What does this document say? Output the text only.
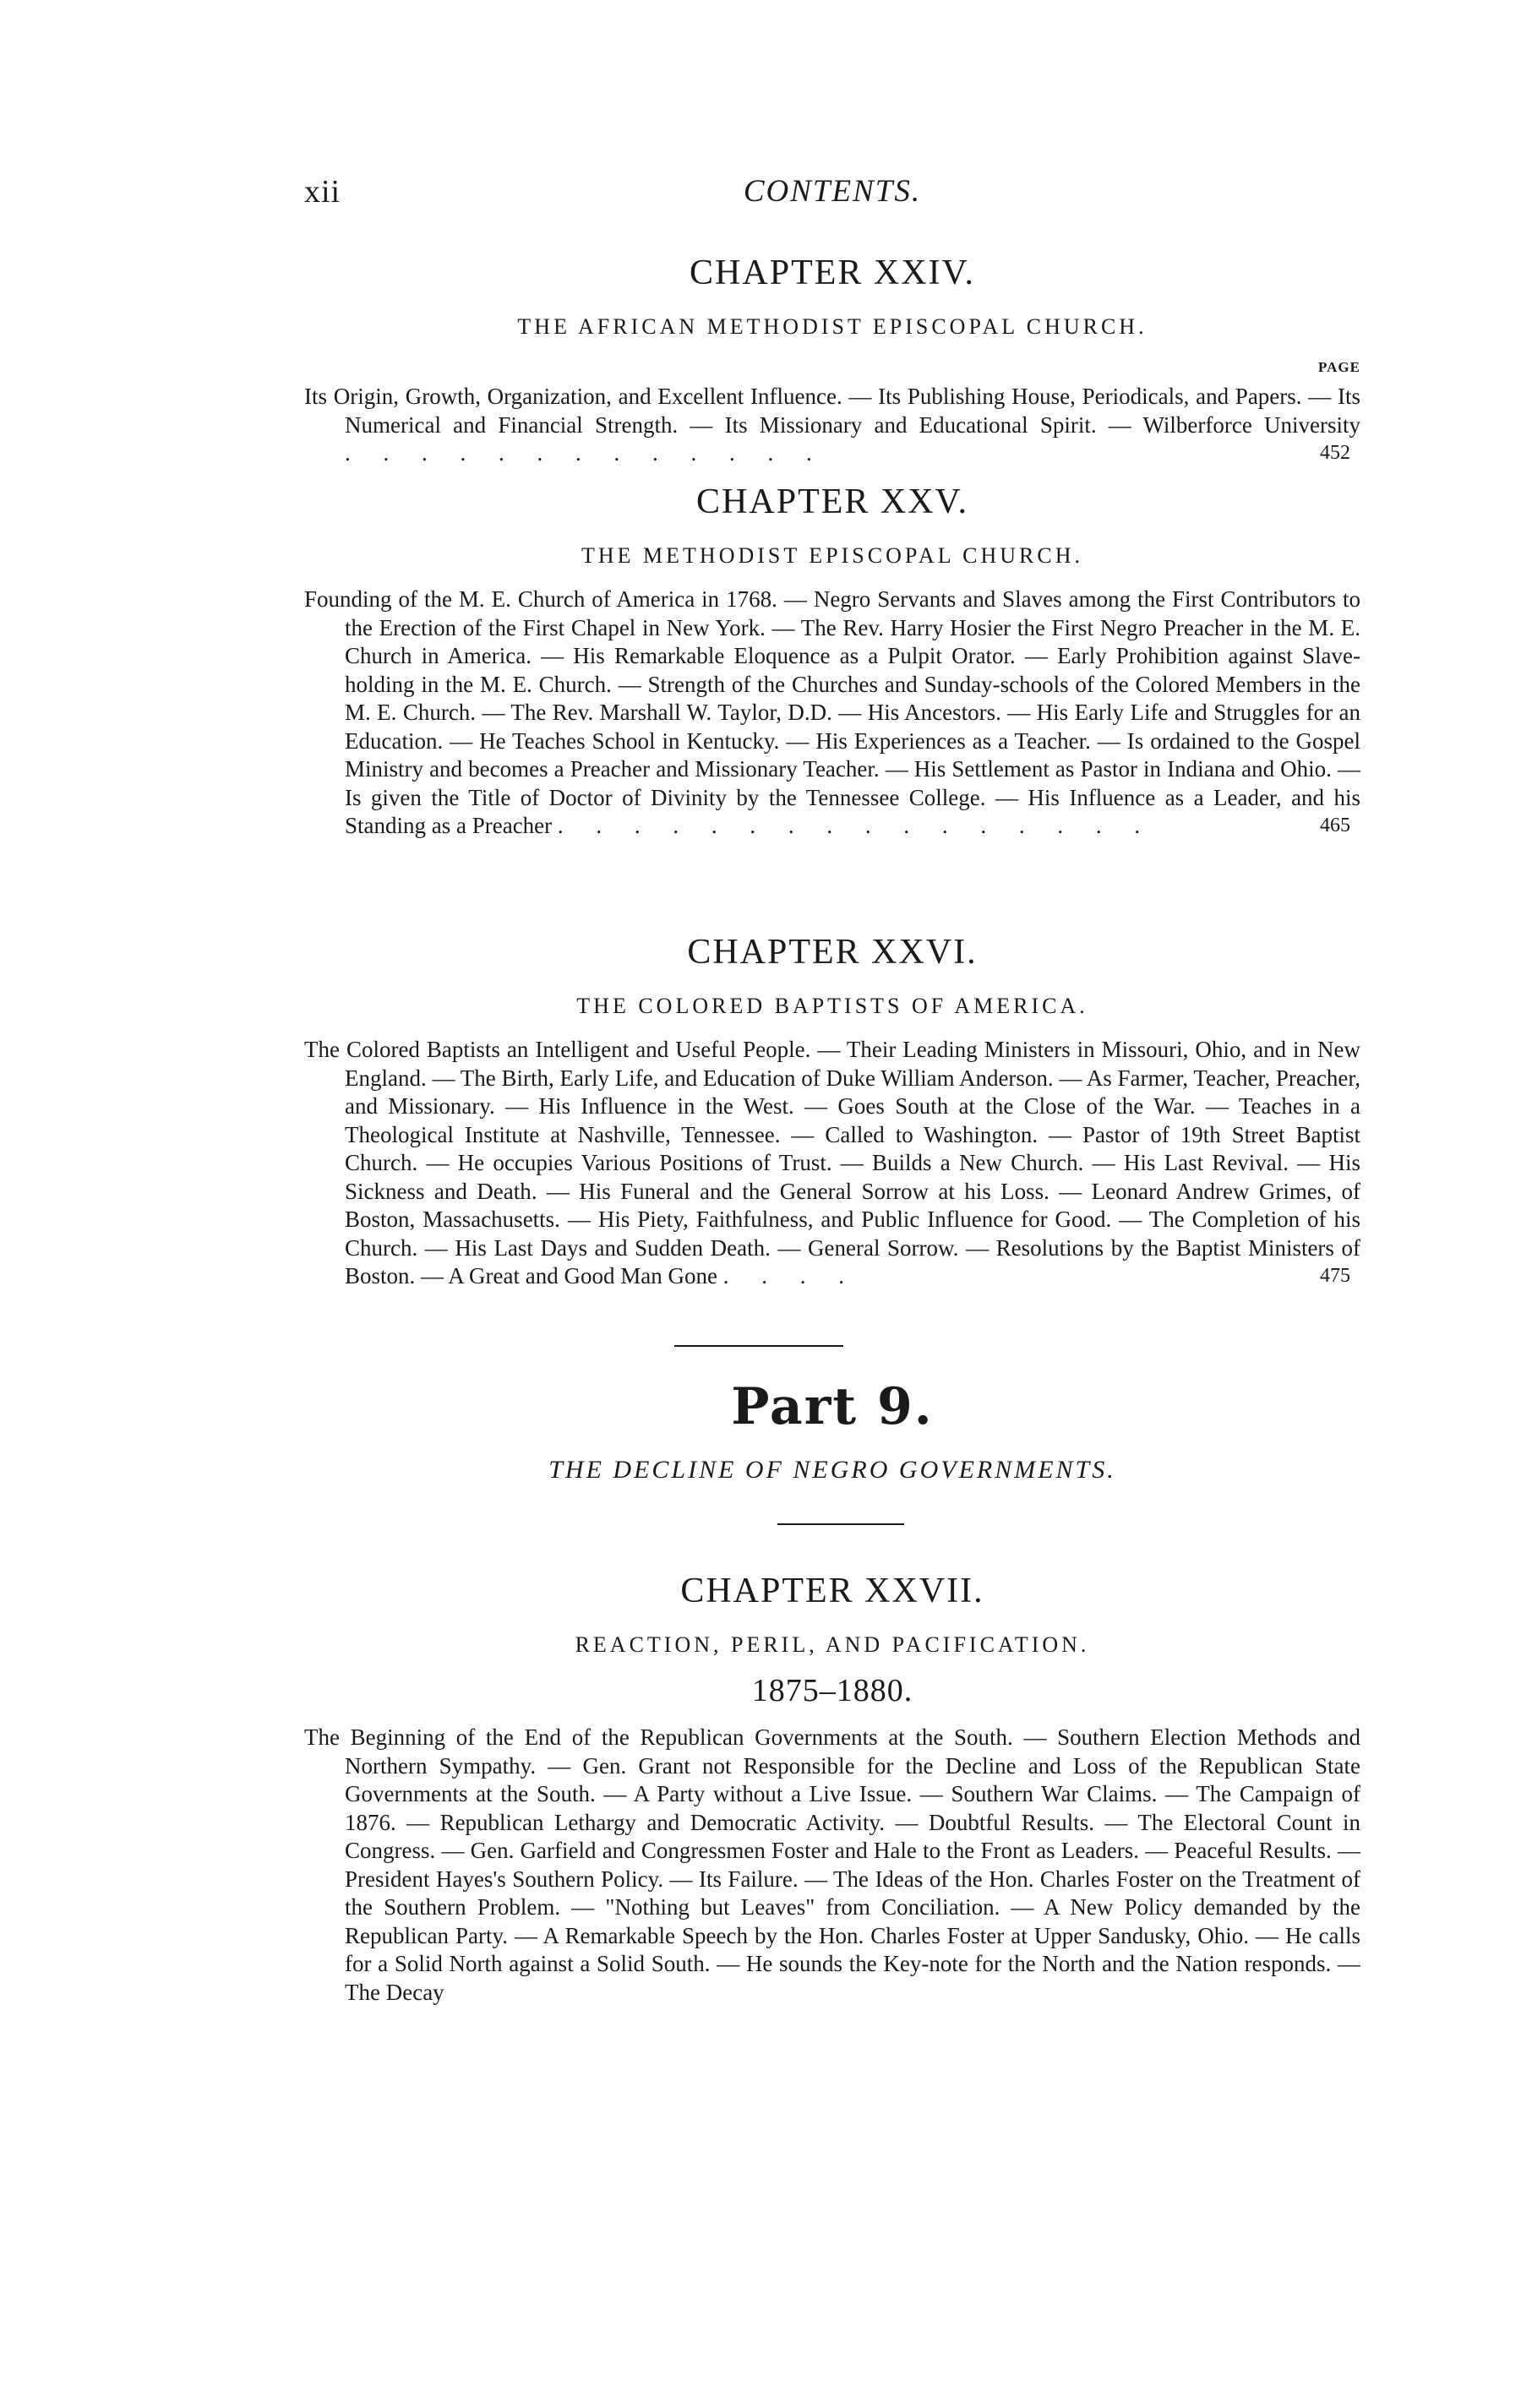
xii	CONTENTS.
CHAPTER XXIV.
THE AFRICAN METHODIST EPISCOPAL CHURCH.
PAGE
Its Origin, Growth, Organization, and Excellent Influence. — Its Publishing House, Periodicals, and Papers. — Its Numerical and Financial Strength. — Its Missionary and Educational Spirit. — Wilberforce University . . . . . . . . . . . . .	452
CHAPTER XXV.
THE METHODIST EPISCOPAL CHURCH.
Founding of the M. E. Church of America in 1768. — Negro Servants and Slaves among the First Contributors to the Erection of the First Chapel in New York. — The Rev. Harry Hosier the First Negro Preacher in the M. E. Church in America. — His Remarkable Eloquence as a Pulpit Orator. — Early Prohibition against Slave-holding in the M. E. Church. — Strength of the Churches and Sunday-schools of the Colored Members in the M. E. Church. — The Rev. Marshall W. Taylor, D.D. — His Ancestors. — His Early Life and Struggles for an Education. — He Teaches School in Kentucky. — His Experiences as a Teacher. — Is ordained to the Gospel Ministry and becomes a Preacher and Missionary Teacher. — His Settlement as Pastor in Indiana and Ohio. — Is given the Title of Doctor of Divinity by the Tennessee College. — His Influence as a Leader, and his Standing as a Preacher . . . . . . . . . . . . . . . .	465
CHAPTER XXVI.
THE COLORED BAPTISTS OF AMERICA.
The Colored Baptists an Intelligent and Useful People. — Their Leading Ministers in Missouri, Ohio, and in New England. — The Birth, Early Life, and Education of Duke William Anderson. — As Farmer, Teacher, Preacher, and Missionary. — His Influence in the West. — Goes South at the Close of the War. — Teaches in a Theological Institute at Nashville, Tennessee. — Called to Washington. — Pastor of 19th Street Baptist Church. — He occupies Various Positions of Trust. — Builds a New Church. — His Last Revival. — His Sickness and Death. — His Funeral and the General Sorrow at his Loss. — Leonard Andrew Grimes, of Boston, Massachusetts. — His Piety, Faithfulness, and Public Influence for Good. — The Completion of his Church. — His Last Days and Sudden Death. — General Sorrow. — Resolutions by the Baptist Ministers of Boston. — A Great and Good Man Gone . . . .	475
Part 9.
THE DECLINE OF NEGRO GOVERNMENTS.
CHAPTER XXVII.
REACTION, PERIL, AND PACIFICATION.
1875–1880.
The Beginning of the End of the Republican Governments at the South. — Southern Election Methods and Northern Sympathy. — Gen. Grant not Responsible for the Decline and Loss of the Republican State Governments at the South. — A Party without a Live Issue. — Southern War Claims. — The Campaign of 1876. — Republican Lethargy and Democratic Activity. — Doubtful Results. — The Electoral Count in Congress. — Gen. Garfield and Congressmen Foster and Hale to the Front as Leaders. — Peaceful Results. — President Hayes's Southern Policy. — Its Failure. — The Ideas of the Hon. Charles Foster on the Treatment of the Southern Problem. — "Nothing but Leaves" from Conciliation. — A New Policy demanded by the Republican Party. — A Remarkable Speech by the Hon. Charles Foster at Upper Sandusky, Ohio. — He calls for a Solid North against a Solid South. — He sounds the Key-note for the North and the Nation responds. — The Decay
